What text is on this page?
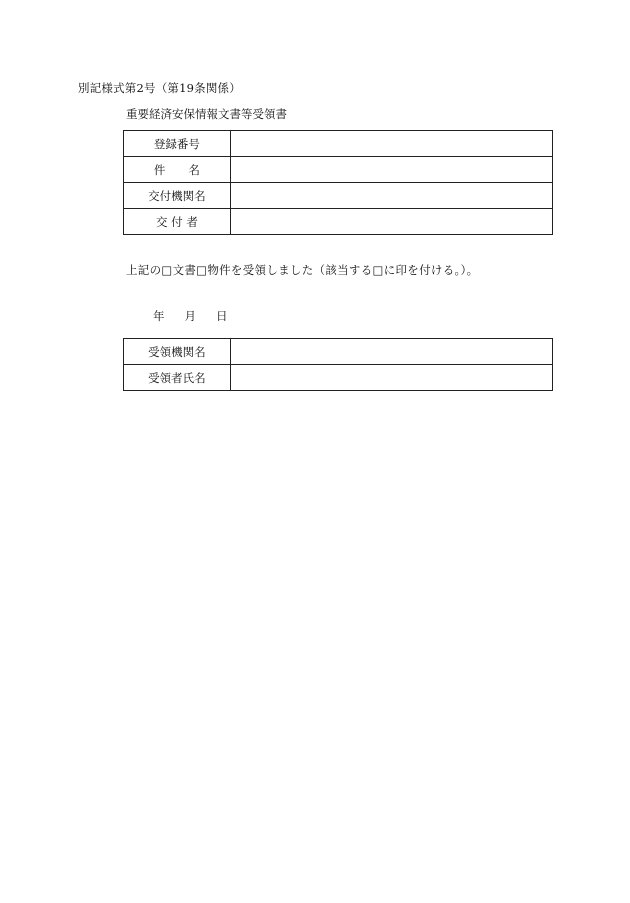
別記様式第2号（第19条関係）
重要経済安保情報文書等受領書
登録番号	
件　　名	
交付機関名	
交 付 者	
上記の□文書□物件を受領しました（該当する□に印を付ける。）。
年 月 日
受領機関名	
受領者氏名	
